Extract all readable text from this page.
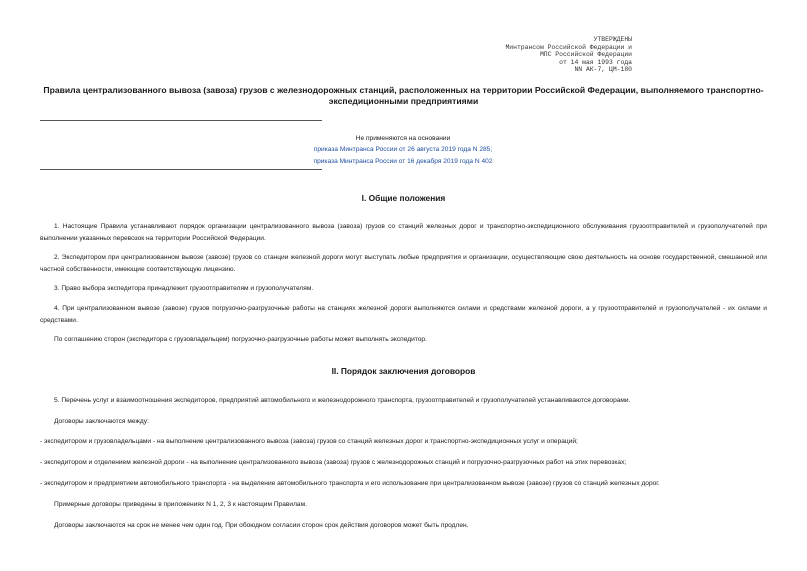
УТВЕРЖДЕНЫ
Минтрансом Российской Федерации и
МПС Российской Федерации
от 14 мая 1993 года
NN АК-7, ЦМ-180
Правила централизованного вывоза (завоза) грузов с железнодорожных станций, расположенных на территории Российской Федерации, выполняемого транспортно-экспедиционными предприятиями
Не применяются на основании
приказа Минтранса России от 26 августа 2019 года N 285;
приказа Минтранса России от 16 декабря 2019 года N 402
I. Общие положения
1. Настоящие Правила устанавливают порядок организации централизованного вывоза (завоза) грузов со станций железных дорог и транспортно-экспедиционного обслуживания грузоотправителей и грузополучателей при выполнении указанных перевозок на территории Российской Федерации.
2. Экспедитором при централизованном вывозе (завозе) грузов со станции железной дороги могут выступать любые предприятия и организации, осуществляющие свою деятельность на основе государственной, смешанной или частной собственности, имеющие соответствующую лицензию.
3. Право выбора экспедитора принадлежит грузоотправителям и грузополучателям.
4. При централизованном вывозе (завозе) грузов погрузочно-разгрузочные работы на станциях железной дороги выполняются силами и средствами железной дороги, а у грузоотправителей и грузополучателей - их силами и средствами.
По соглашению сторон (экспедитора с грузовладельцем) погрузочно-разгрузочные работы может выполнять экспедитор.
II. Порядок заключения договоров
5. Перечень услуг и взаимоотношения экспедиторов, предприятий автомобильного и железнодорожного транспорта, грузоотправителей и грузополучателей устанавливаются договорами.
Договоры заключаются между:
- экспедитором и грузовладельцами - на выполнение централизованного вывоза (завоза) грузов со станций железных дорог и транспортно-экспедиционных услуг и операций;
- экспедитором и отделением железной дороги - на выполнение централизованного вывоза (завоза) грузов с железнодорожных станций и погрузочно-разгрузочных работ на этих перевозках;
- экспедитором и предприятием автомобильного транспорта - на выделение автомобильного транспорта и его использование при централизованном вывозе (завозе) грузов со станций железных дорог.
Примерные договоры приведены в приложениях N 1, 2, 3 к настоящим Правилам.
Договоры заключаются на срок не менее чем один год. При обоюдном согласии сторон срок действия договоров может быть продлен.
